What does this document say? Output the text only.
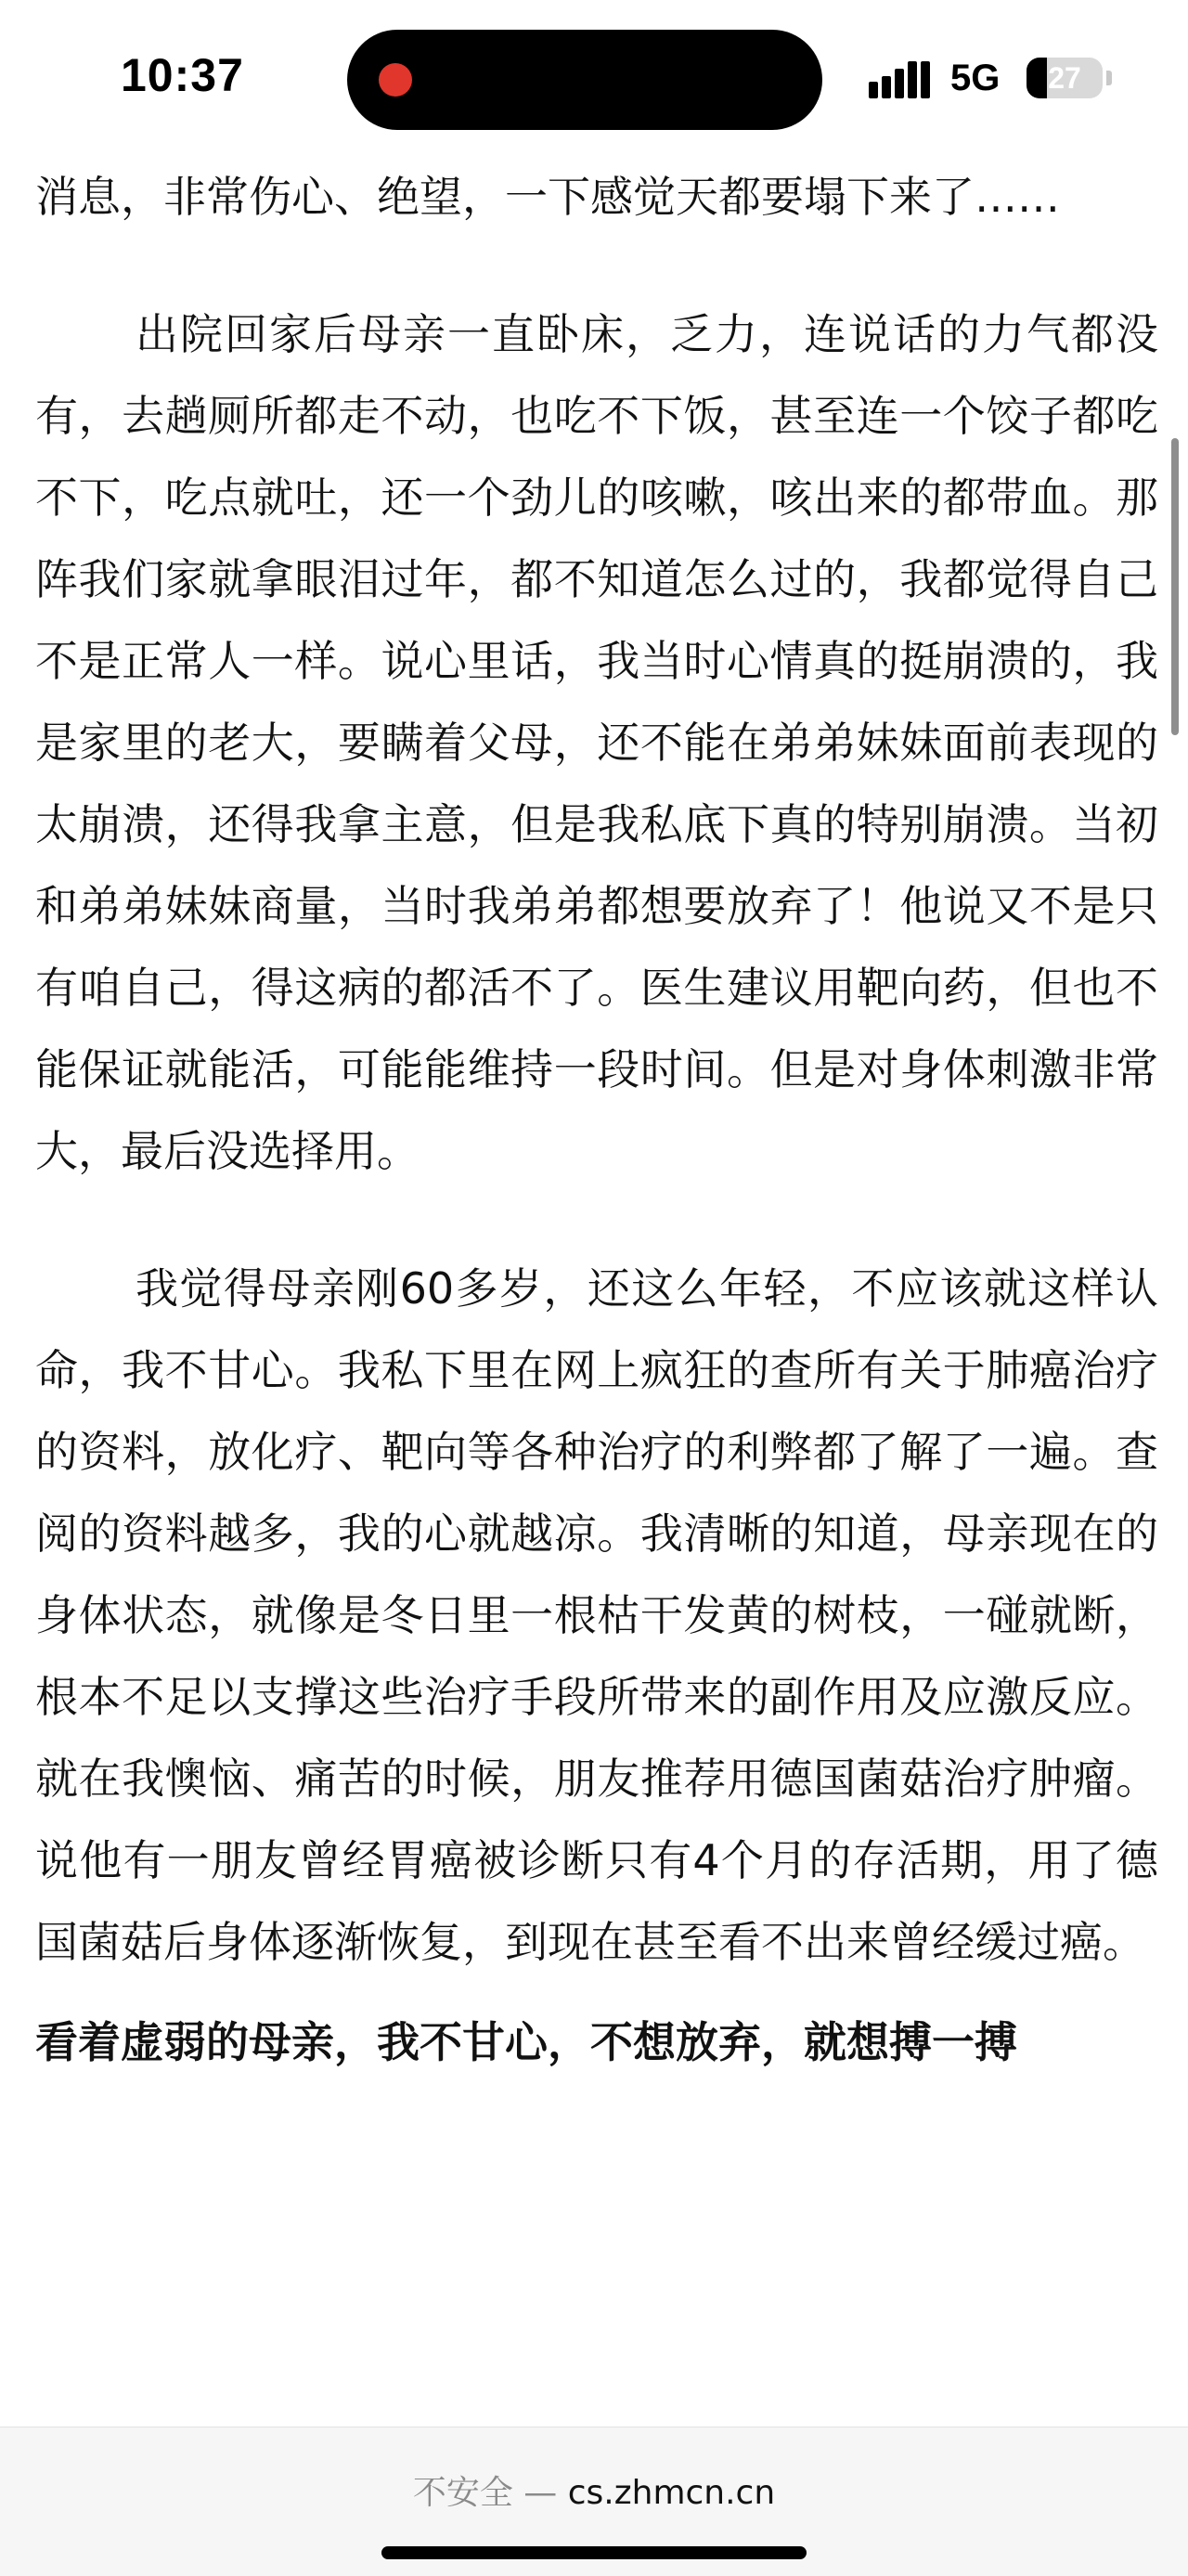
10:37	5G	27

消息，非常伤心、绝望，一下感觉天都要塌下来了……

出院回家后母亲一直卧床，乏力，连说话的力气都没有，去趟厕所都走不动，也吃不下饭，甚至连一个饺子都吃不下，吃点就吐，还一个劲儿的咳嗽，咳出来的都带血。那阵我们家就拿眼泪过年，都不知道怎么过的，我都觉得自己不是正常人一样。说心里话，我当时心情真的挺崩溃的，我是家里的老大，要瞒着父母，还不能在弟弟妹妹面前表现的太崩溃，还得我拿主意，但是我私底下真的特别崩溃。当初和弟弟妹妹商量，当时我弟弟都想要放弃了！他说又不是只有咱自己，得这病的都活不了。医生建议用靶向药，但也不能保证就能活，可能能维持一段时间。但是对身体刺激非常大，最后没选择用。

我觉得母亲刚60多岁，还这么年轻，不应该就这样认命，我不甘心。我私下里在网上疯狂的查所有关于肺癌治疗的资料，放化疗、靶向等各种治疗的利弊都了解了一遍。查阅的资料越多，我的心就越凉。我清晰的知道，母亲现在的身体状态，就像是冬日里一根枯干发黄的树枝，一碰就断，根本不足以支撑这些治疗手段所带来的副作用及应激反应。就在我懊恼、痛苦的时候，朋友推荐用德国菌菇治疗肿瘤。说他有一朋友曾经胃癌被诊断只有4个月的存活期，用了德国菌菇后身体逐渐恢复，到现在甚至看不出来曾经缓过癌。

看着虚弱的母亲，我不甘心，不想放弃，就想搏一搏

不安全 — cs.zhmcn.cn
